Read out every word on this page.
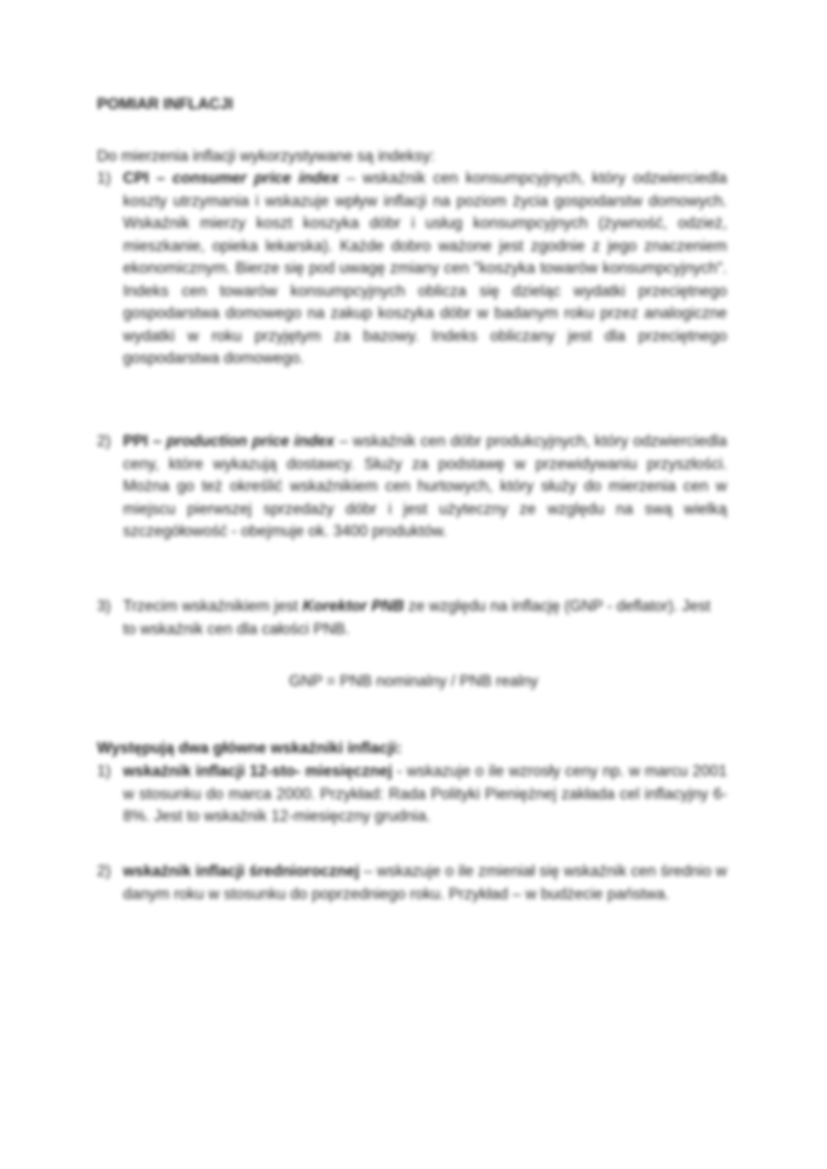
POMIAR INFLACJI
Do mierzenia inflacji wykorzystywane są indeksy:
1) CPI – consumer price index – wskaźnik cen konsumpcyjnych, który odzwierciedla koszty utrzymania i wskazuje wpływ inflacji na poziom życia gospodarstw domowych. Wskaźnik mierzy koszt koszyka dóbr i usług konsumpcyjnych (żywność, odzież, mieszkanie, opieka lekarska). Każde dobro ważone jest zgodnie z jego znaczeniem ekonomicznym. Bierze się pod uwagę zmiany cen "koszyka towarów konsumpcyjnych". Indeks cen towarów konsumpcyjnych oblicza się dzieląc wydatki przeciętnego gospodarstwa domowego na zakup koszyka dóbr w badanym roku przez analogiczne wydatki w roku przyjętym za bazowy. Indeks obliczany jest dla przeciętnego gospodarstwa domowego.
2) PPI – production price index – wskaźnik cen dóbr produkcyjnych, który odzwierciedla ceny, które wykazują dostawcy. Służy za podstawę w przewidywaniu przyszłości. Można go też określić wskaźnikiem cen hurtowych, który służy do mierzenia cen w miejscu pierwszej sprzedaży dóbr i jest użyteczny ze względu na swą wielką szczegółowość - obejmuje ok. 3400 produktów.
3) Trzecim wskaźnikiem jest Korektor PNB ze względu na inflację (GNP - deflator). Jest to wskaźnik cen dla całości PNB.
GNP = PNB nominalny / PNB realny
Występują dwa główne wskaźniki inflacji:
1) wskaźnik inflacji 12-sto- miesięcznej - wskazuje o ile wzrosły ceny np. w marcu 2001 w stosunku do marca 2000. Przykład: Rada Polityki Pieniężnej zakłada cel inflacyjny 6-8%. Jest to wskaźnik 12-miesięczny grudnia.
2) wskaźnik inflacji średniorocznej – wskazuje o ile zmieniał się wskaźnik cen średnio w danym roku w stosunku do poprzedniego roku. Przykład – w budżecie państwa.
